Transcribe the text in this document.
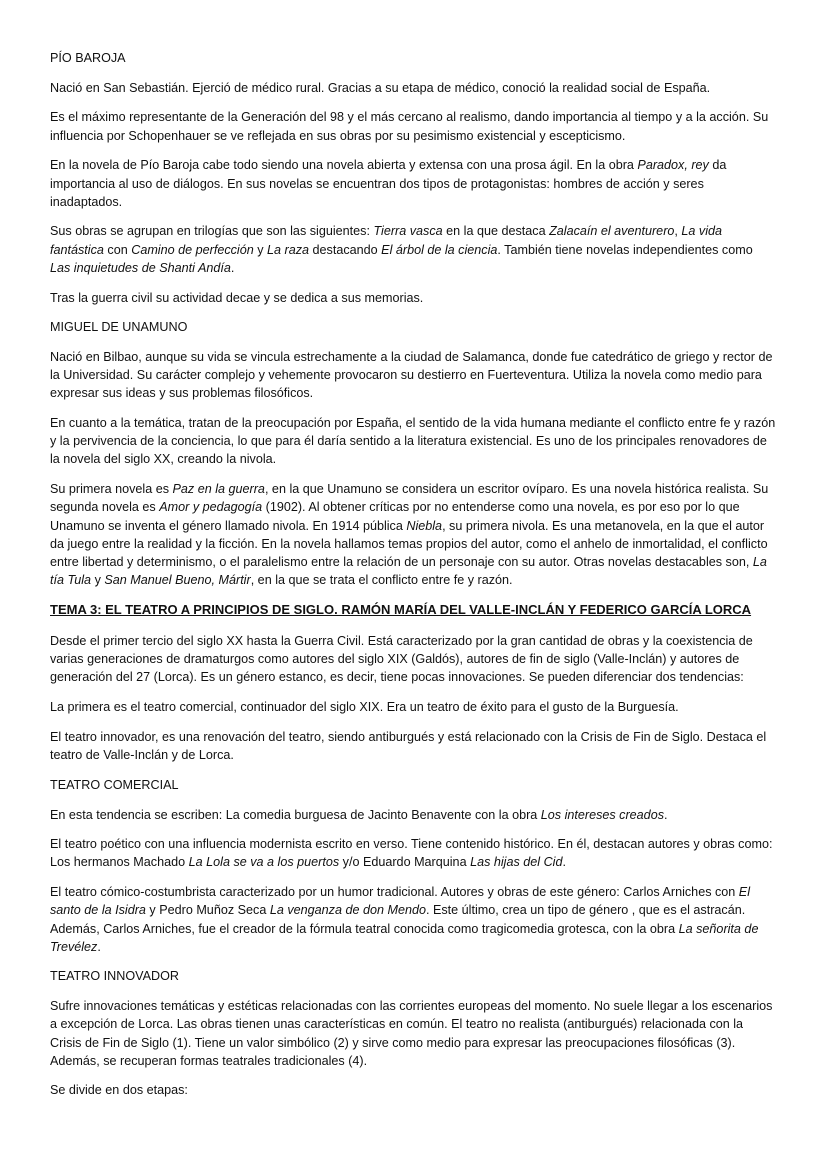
PÍO BAROJA

Nació en San Sebastián. Ejerció de médico rural. Gracias a su etapa de médico, conoció la realidad social de España.

Es el máximo representante de la Generación del 98 y el más cercano al realismo, dando importancia al tiempo y a la acción. Su influencia por Schopenhauer se ve reflejada en sus obras por su pesimismo existencial y escepticismo.

En la novela de Pío Baroja cabe todo siendo una novela abierta y extensa con una prosa ágil. En la obra Paradox, rey da importancia al uso de diálogos. En sus novelas se encuentran dos tipos de protagonistas: hombres de acción y seres inadaptados.

Sus obras se agrupan en trilogías que son las siguientes: Tierra vasca en la que destaca Zalacaín el aventurero, La vida fantástica con Camino de perfección y La raza destacando El árbol de la ciencia. También tiene novelas independientes como Las inquietudes de Shanti Andía.

Tras la guerra civil su actividad decae y se dedica a sus memorias.

MIGUEL DE UNAMUNO

Nació en Bilbao, aunque su vida se vincula estrechamente a la ciudad de Salamanca, donde fue catedrático de griego y rector de la Universidad. Su carácter complejo y vehemente provocaron su destierro en Fuerteventura. Utiliza la novela como medio para expresar sus ideas y sus problemas filosóficos.

En cuanto a la temática, tratan de la preocupación por España, el sentido de la vida humana mediante el conflicto entre fe y razón y la pervivencia de la conciencia, lo que para él daría sentido a la literatura existencial. Es uno de los principales renovadores de la novela del siglo XX, creando la nivola.

Su primera novela es Paz en la guerra, en la que Unamuno se considera un escritor ovíparo. Es una novela histórica realista. Su segunda novela es Amor y pedagogía (1902). Al obtener críticas por no entenderse como una novela, es por eso por lo que Unamuno se inventa el género llamado nivola. En 1914 pública Niebla, su primera nivola. Es una metanovela, en la que el autor da juego entre la realidad y la ficción. En la novela hallamos temas propios del autor, como el anhelo de inmortalidad, el conflicto entre libertad y determinismo, o el paralelismo entre la relación de un personaje con su autor. Otras novelas destacables son, La tía Tula y San Manuel Bueno, Mártir, en la que se trata el conflicto entre fe y razón.

TEMA 3: EL TEATRO A PRINCIPIOS DE SIGLO. RAMÓN MARÍA DEL VALLE-INCLÁN Y FEDERICO GARCÍA LORCA

Desde el primer tercio del siglo XX hasta la Guerra Civil. Está caracterizado por la gran cantidad de obras y la coexistencia de varias generaciones de dramaturgos como autores del siglo XIX (Galdós), autores de fin de siglo (Valle-Inclán) y autores de generación del 27 (Lorca). Es un género estanco, es decir, tiene pocas innovaciones. Se pueden diferenciar dos tendencias:

La primera es el teatro comercial, continuador del siglo XIX. Era un teatro de éxito para el gusto de la Burguesía.

El teatro innovador, es una renovación del teatro, siendo antiburgués y está relacionado con la Crisis de Fin de Siglo. Destaca el teatro de Valle-Inclán y de Lorca.

TEATRO COMERCIAL

En esta tendencia se escriben: La comedia burguesa de Jacinto Benavente con la obra Los intereses creados.

El teatro poético con una influencia modernista escrito en verso. Tiene contenido histórico. En él, destacan autores y obras como: Los hermanos Machado La Lola se va a los puertos y/o Eduardo Marquina Las hijas del Cid.

El teatro cómico-costumbrista caracterizado por un humor tradicional. Autores y obras de este género: Carlos Arniches con El santo de la Isidra y Pedro Muñoz Seca La venganza de don Mendo. Este último, crea un tipo de género , que es el astracán. Además, Carlos Arniches, fue el creador de la fórmula teatral conocida como tragicomedia grotesca, con la obra La señorita de Trevélez.

TEATRO INNOVADOR

Sufre innovaciones temáticas y estéticas relacionadas con las corrientes europeas del momento. No suele llegar a los escenarios a excepción de Lorca. Las obras tienen unas características en común. El teatro no realista (antiburgués) relacionada con la Crisis de Fin de Siglo (1). Tiene un valor simbólico (2) y sirve como medio para expresar las preocupaciones filosóficas (3). Además, se recuperan formas teatrales tradicionales (4).

Se divide en dos etapas:
